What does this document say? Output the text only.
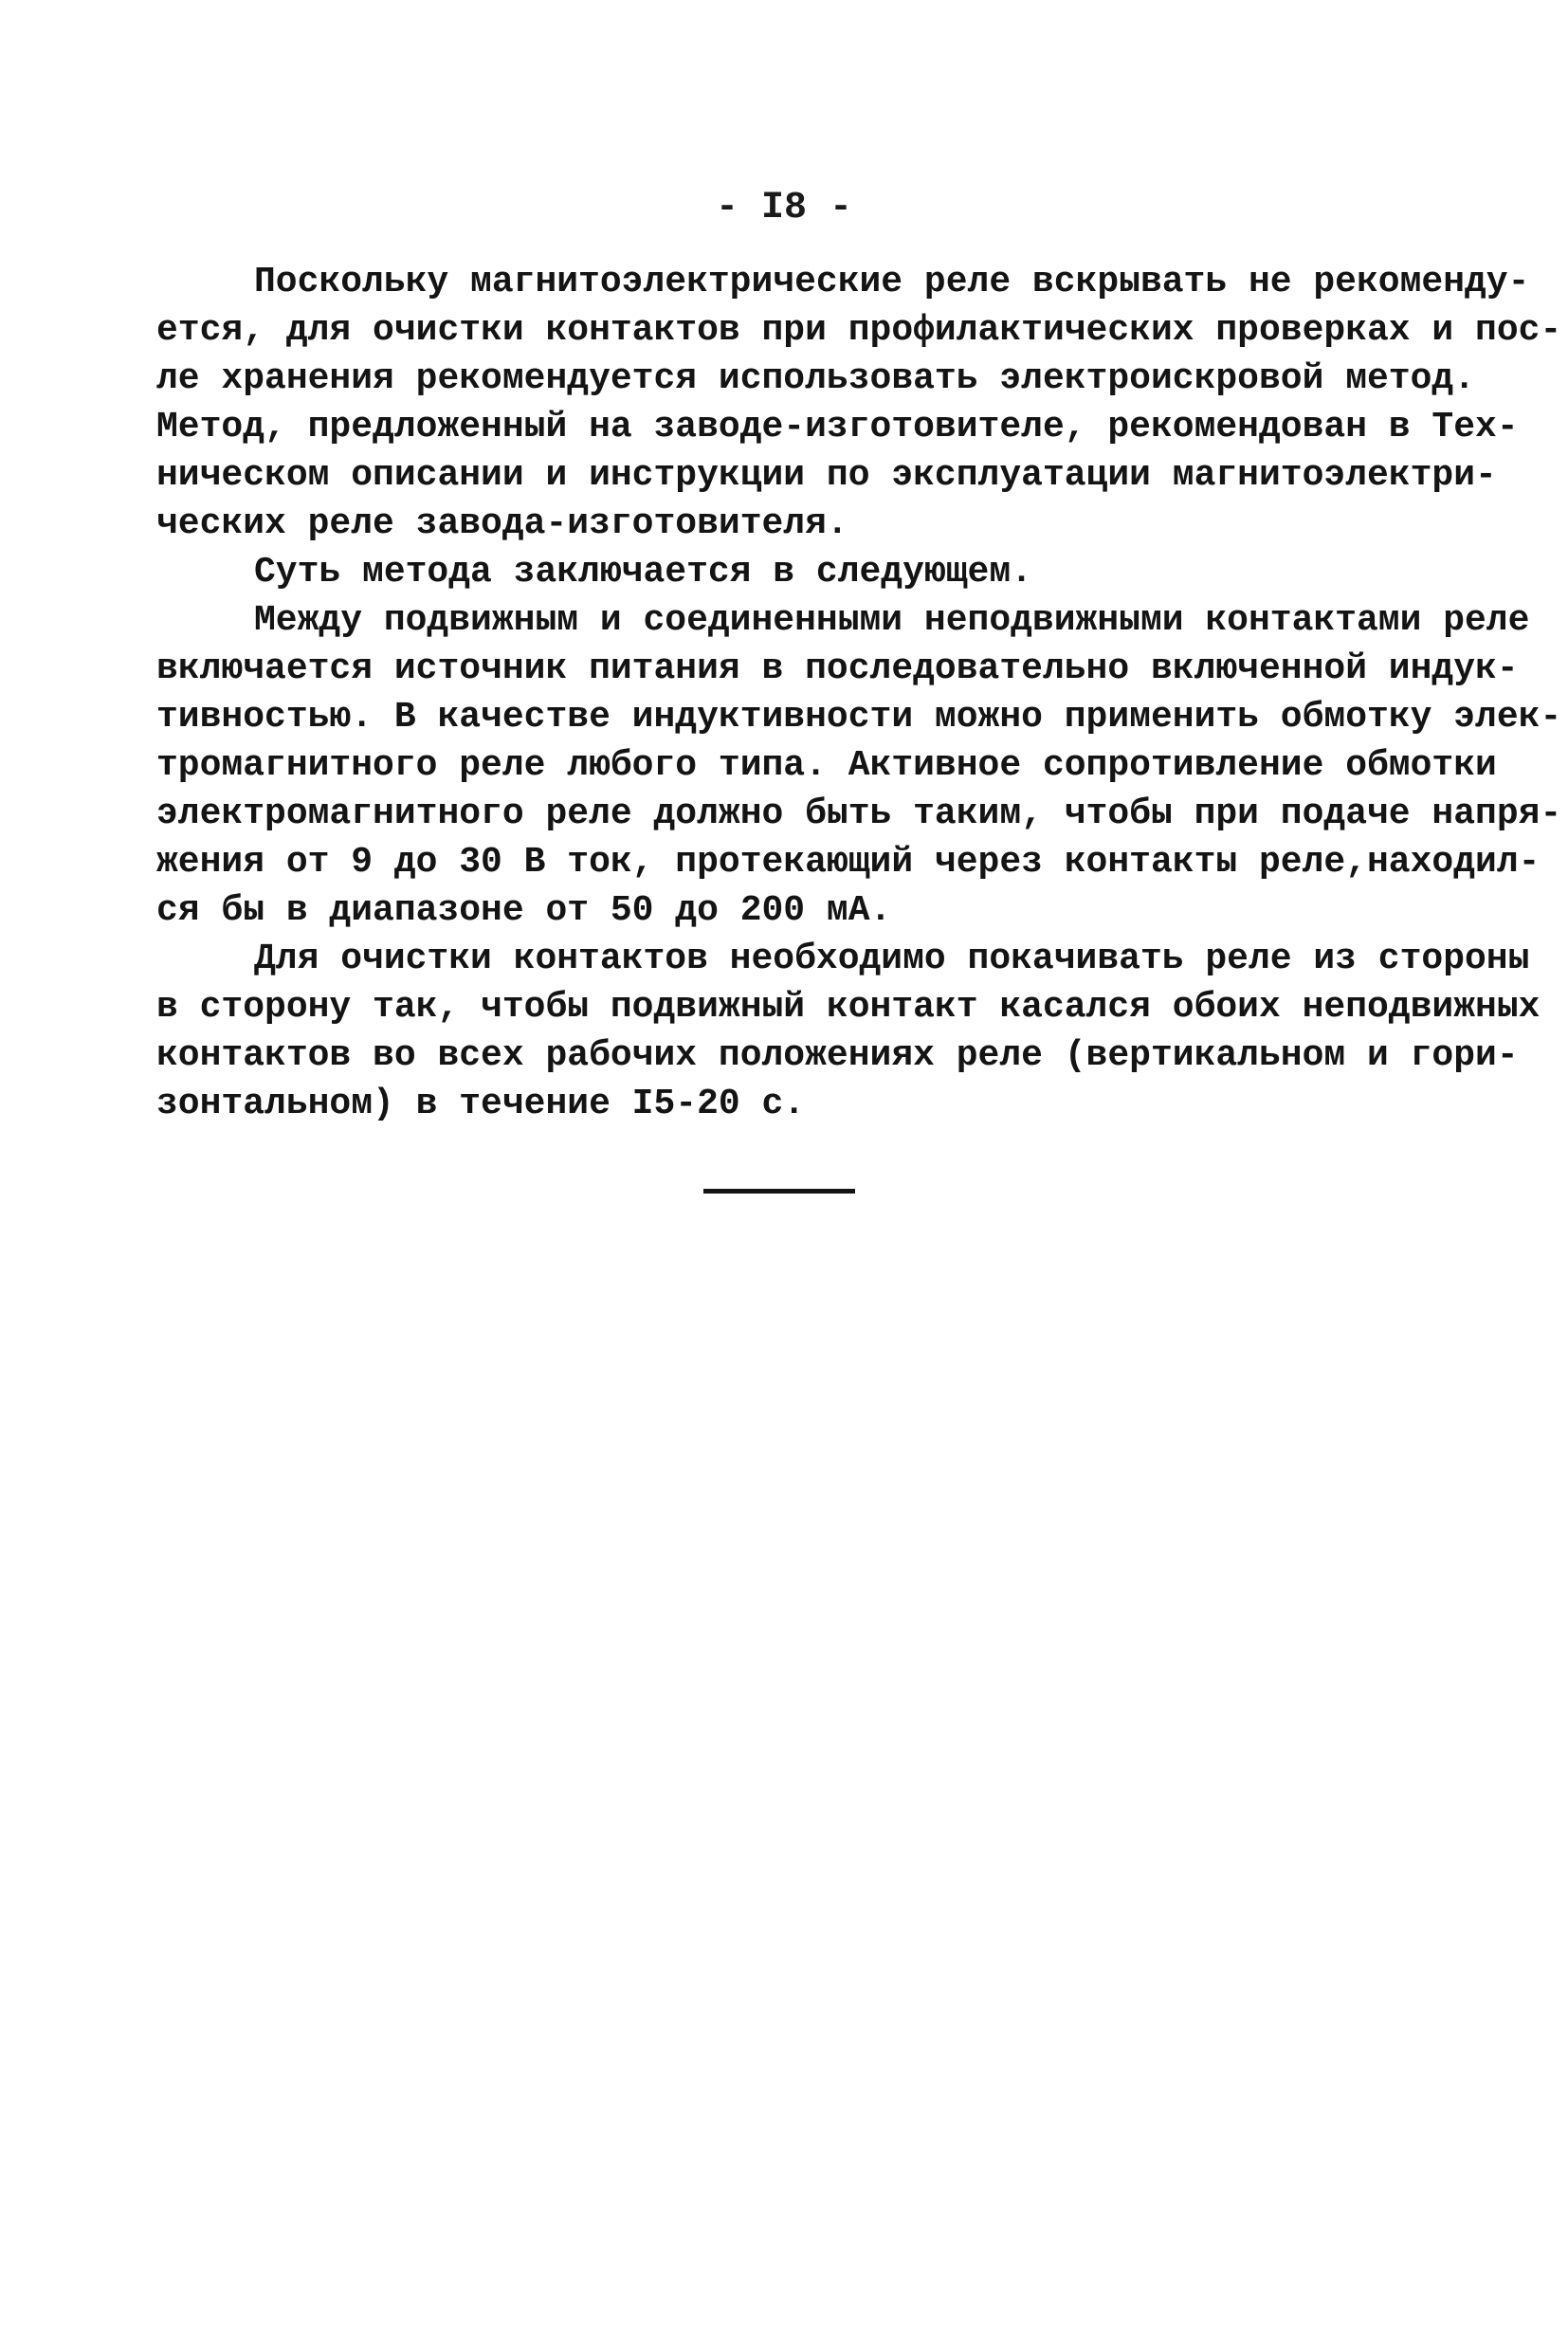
- I8 -
Поскольку магнитоэлектрические реле вскрывать не рекоменду-
ется, для очистки контактов при профилактических проверках и пос-
ле хранения рекомендуется использовать электроискровой метод.
Метод, предложенный на заводе-изготовителе, рекомендован в Тех-
ническом описании и инструкции по эксплуатации магнитоэлектри-
ческих реле завода-изготовителя.
Суть метода заключается в следующем.
Между подвижным и соединенными неподвижными контактами реле
включается источник питания в последовательно включенной индук-
тивностью. В качестве индуктивности можно применить обмотку элек-
тромагнитного реле любого типа. Активное сопротивление обмотки
электромагнитного реле должно быть таким, чтобы при подаче напря-
жения от 9 до 30 В ток, протекающий через контакты реле,находил-
ся бы в диапазоне от 50 до 200 мА.
Для очистки контактов необходимо покачивать реле из стороны
в сторону так, чтобы подвижный контакт касался обоих неподвижных
контактов во всех рабочих положениях реле (вертикальном и гори-
зонтальном) в течение I5-20 с.
